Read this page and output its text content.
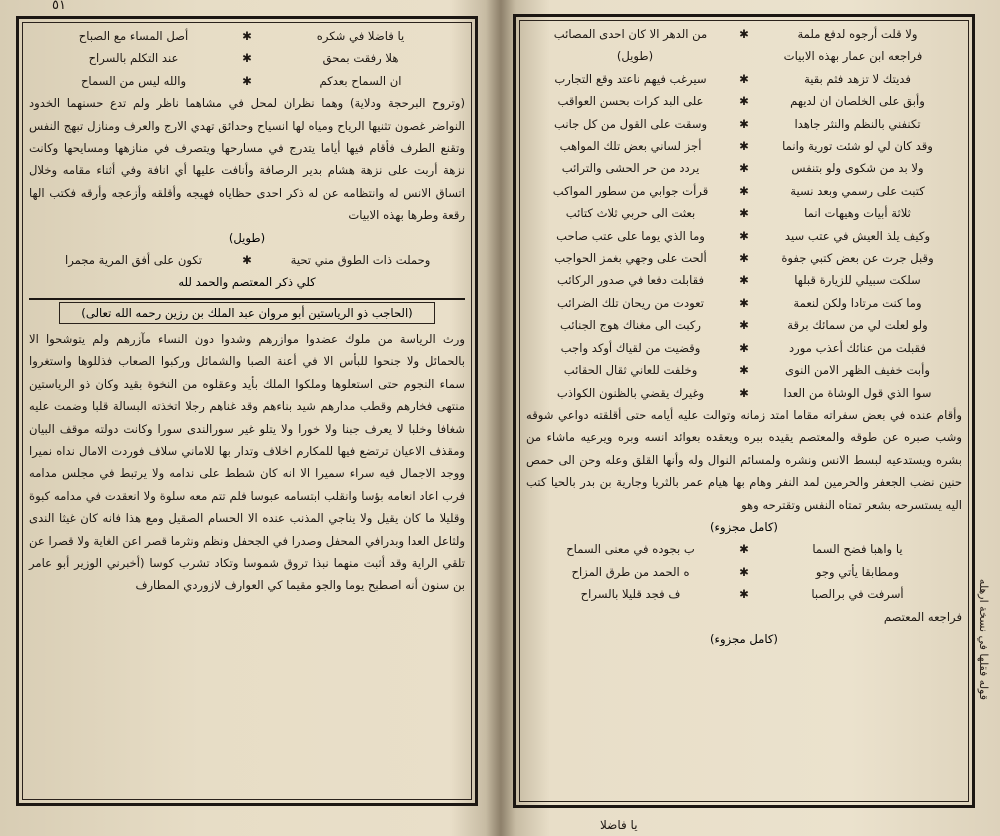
٥١
يا فاضلا في شكره
✱
أصل المساء مع الصباح
هلا رفقت بمحق
✱
عند التكلم بالسراح
ان السماح بعدكم
✱
والله ليس من السماح

(وتروح البرحجة ودلاية) وهما نظران لمحل في مشاهما ناظر ولم تدع حسنهما الخدود النواضر غصون تثنيها الرياح ومياه لها انسياح وحدائق تهدي الارج والعرف ومنازل تبهج النفس وتقنع الطرف فأقام فيها أياما يتدرج في مسارحها ويتصرف في منازهها ومسايحها وكانت نزهة أربت على نزهة هشام بدير الرصافة وأنافت عليها أي انافة وفي أثناء مقامه وخلال اتساق الانس له وانتظامه عن له ذكر احدى حظاياه فهيجه وأقلقه وأزعجه وأرقه فكتب الها رقعة وطرها بهذه الابيات

(طويل)
وحملت ذات الطوق مني تحية
✱
تكون على أفق المرية مجمرا
كلي ذكر المعتصم والحمد لله
(الحاجب ذو الرياستين أبو مروان عبد الملك بن رزين رحمه الله تعالى)

ورث الرياسة من ملوك عضدوا موازرهم وشدوا دون النساء مآزرهم ولم يتوشحوا الا بالحمائل ولا جنحوا للبأس الا في أعنة الصبا والشمائل وركبوا الصعاب فذللوها واستغروا سماء النجوم حتى استعلوها وملكوا الملك بأيد وعقلوه من النخوة بقيد وكان ذو الرياستين منتهى فخارهم وقطب مدارهم شيد بناءهم وقد غناهم رجلا اتخذته البسالة قلبا وضمت عليه شغافا وخلبا لا يعرف جبنا ولا خورا ولا يتلو غير سورالندى سورا وكانت دولته موقف البيان ومقذف الاعيان ترتضع فيها للمكارم اخلاف وتدار بها للاماني سلاف فوردت الامال نداه نميرا ووجد الاجمال فيه سراء سميرا الا انه كان شطط على ندامه ولا يرتبط في مجلس مدامه فرب اعاد انعامه بؤسا وانقلب ابتسامه عبوسا فلم تتم معه سلوة ولا انعقدت في مدامه كبوة وقليلا ما كان يقيل ولا يناجي المذنب عنده الا الحسام الصقيل ومع هذا فانه كان غيثا الندى ولثاعل العدا وبدرافي المحفل وصدرا في الجحفل ونظم ونثرما قصر اعن الغاية ولا قصرا عن تلقي الراية وقد أثبت منهما نبذا تروق شموسا وتكاد تشرب كوسا (أخبرني الوزير أبو عامر بن سنون أنه اصطبح يوما والجو مقيما كي العوارف لازوردي المطارف

ولا قلت أرجوه لدفع ملمة
✱
من الدهر الا كان احدى المصائب
فراجعه ابن عمار بهذه الابيات
(طويل)
فديتك لا تزهد فثم بقية
✱
سيرغب فيهم ناعتد وقع التجارب
وأبق على الخلصان ان لديهم
✱
على البد كرات بحسن العواقب
تكنفني بالنظم والنثر جاهدا
✱
وسقت على القول من كل جانب
وقد كان لي لو شئت تورية وانما
✱
أجز لساني بعض تلك المواهب
ولا بد من شكوى ولو بتنفس
✱
يردد من حر الحشى والترائب
كتبت على رسمي وبعد نسية
✱
قرأت جوابي من سطور المواكب
ثلاثة أبيات وهيهات انما
✱
بعثت الى حربي ثلاث كتائب
وكيف يلذ العيش في عتب سيد
✱
وما الذي يوما على عتب صاحب
وقبل جرت عن بعض كتبي جفوة
✱
ألحت على وجهي بغمز الحواجب
سلكت سبيلي للزيارة قبلها
✱
فقابلت دفعا في صدور الركائب
وما كنت مرتادا ولكن لنعمة
✱
تعودت من ريحان تلك الضرائب
ولو لعلت لي من سمائك برقة
✱
ركبت الى مغناك هوج الجنائب
فقبلت من عنائك أعذب مورد
✱
وقضيت من لقياك أوكد واجب
وأبت خفيف الظهر الامن النوى
✱
وخلفت للعاني ثقال الحقائب
سوا الذي قول الوشاة من العدا
✱
وغيرك يقضي بالظنون الكواذب

وأقام عنده في بعض سفراته مقاما امتد زمانه وتوالت عليه أيامه حتى أقلقته دواعي شوقه وشب صبره عن طوقه والمعتصم يقيده ببره ويعقده بعوائد انسه وبره ويرعيه ماشاء من بشره ويستدعيه لبسط الانس ونشره ولمسائم النوال وله وأنها القلق وعله وحن الى حمص حنين نضب الجعفر والحرمين لمد النفر وهام بها هيام عمر بالثريا وجارية بن بدر بالحيا كتب اليه يستسرحه بشعر تمتاه النفس وتقترحه وهو

(كامل مجزوء)
يا واهبا فضح السما
✱
ب بجوده في معنى السماح
ومطابقا يأتي وجو
✱
ه الحمد من طرق المزاح
أسرفت في برالصبا
✱
ف فجد قليلا بالسراح
فراجعه المعتصم
(كامل مجزوء)
يا فاضلا
قوله فقلها في نسخة ارهله
